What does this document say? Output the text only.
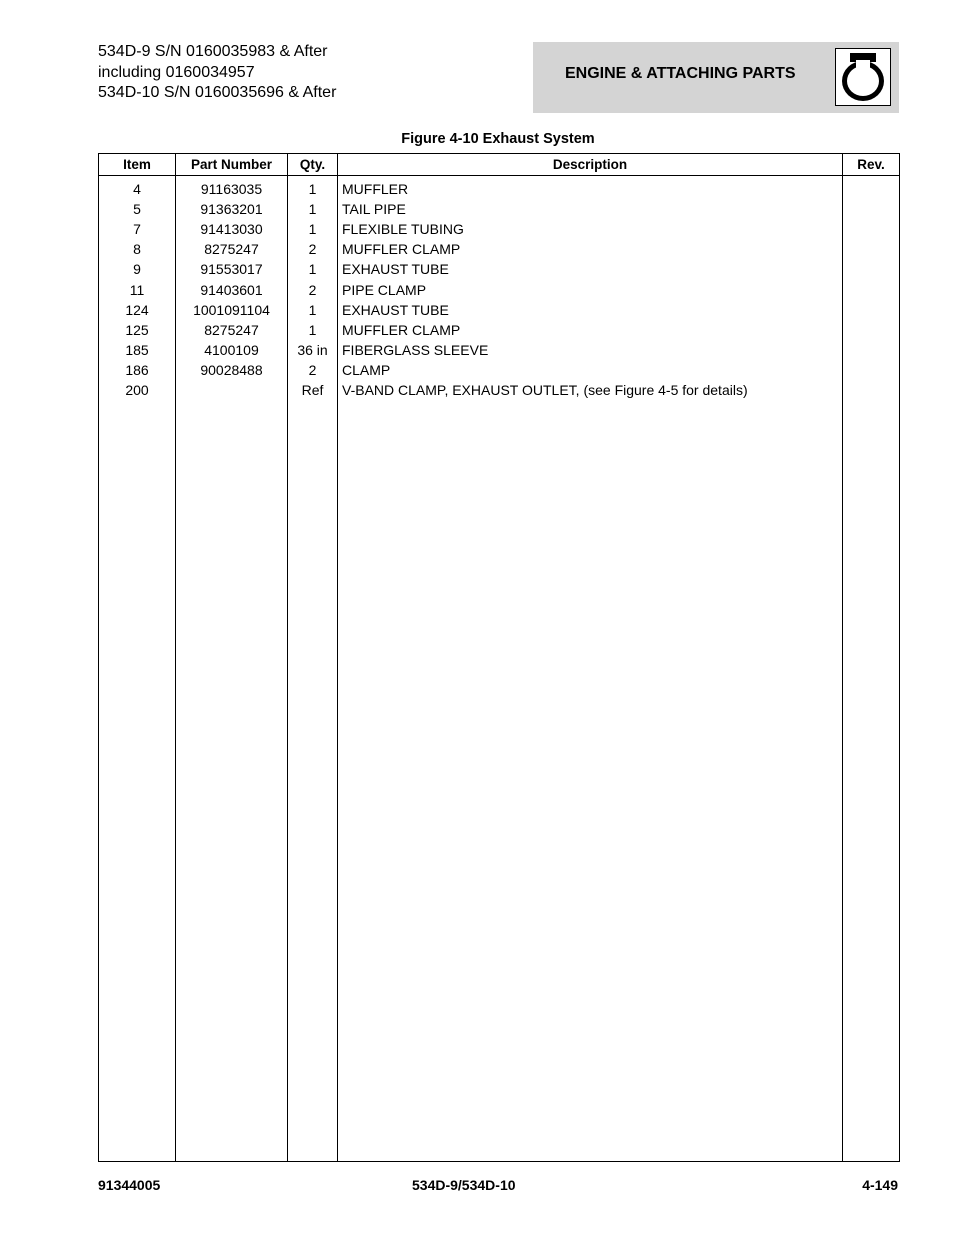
534D-9 S/N 0160035983 & After
including 0160034957
534D-10 S/N 0160035696 & After
ENGINE & ATTACHING PARTS
Figure 4-10 Exhaust System
Item	Part Number	Qty.	Description	Rev.
4	91163035	1	MUFFLER	
5	91363201	1	TAIL PIPE	
7	91413030	1	FLEXIBLE TUBING	
8	8275247	2	MUFFLER CLAMP	
9	91553017	1	EXHAUST TUBE	
11	91403601	2	PIPE CLAMP	
124	1001091104	1	EXHAUST TUBE	
125	8275247	1	MUFFLER CLAMP	
185	4100109	36 in	FIBERGLASS SLEEVE	
186	90028488	2	CLAMP	
200		Ref	V-BAND CLAMP, EXHAUST OUTLET, (see Figure 4-5 for details)	

91344005	534D-9/534D-10	4-149
